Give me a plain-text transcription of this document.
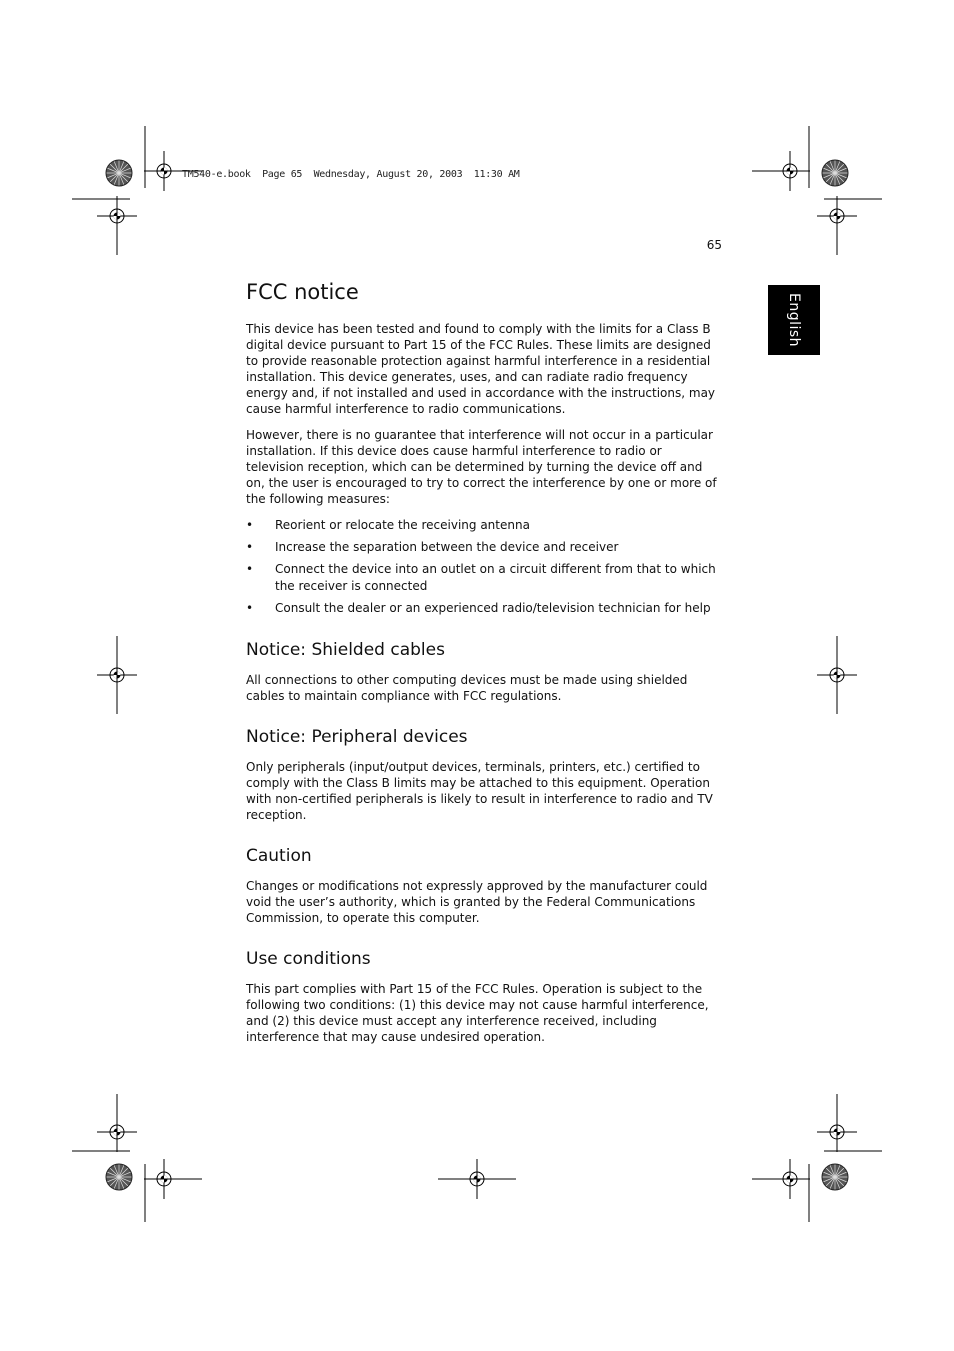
TM540-e.book  Page 65  Wednesday, August 20, 2003  11:30 AM
65
English
FCC notice

This device has been tested and found to comply with the limits for a Class B digital device pursuant to Part 15 of the FCC Rules. These limits are designed to provide reasonable protection against harmful interference in a residential installation. This device generates, uses, and can radiate radio frequency energy and, if not installed and used in accordance with the instructions, may cause harmful interference to radio communications.

However, there is no guarantee that interference will not occur in a particular installation. If this device does cause harmful interference to radio or television reception, which can be determined by turning the device off and on, the user is encouraged to try to correct the interference by one or more of the following measures:

• Reorient or relocate the receiving antenna
• Increase the separation between the device and receiver
• Connect the device into an outlet on a circuit different from that to which the receiver is connected
• Consult the dealer or an experienced radio/television technician for help
Notice: Shielded cables

All connections to other computing devices must be made using shielded cables to maintain compliance with FCC regulations.

Notice: Peripheral devices

Only peripherals (input/output devices, terminals, printers, etc.) certified to comply with the Class B limits may be attached to this equipment. Operation with non-certified peripherals is likely to result in interference to radio and TV reception.

Caution

Changes or modifications not expressly approved by the manufacturer could void the user’s authority, which is granted by the Federal Communications Commission, to operate this computer.

Use conditions

This part complies with Part 15 of the FCC Rules. Operation is subject to the following two conditions: (1) this device may not cause harmful interference, and (2) this device must accept any interference received, including interference that may cause undesired operation.
